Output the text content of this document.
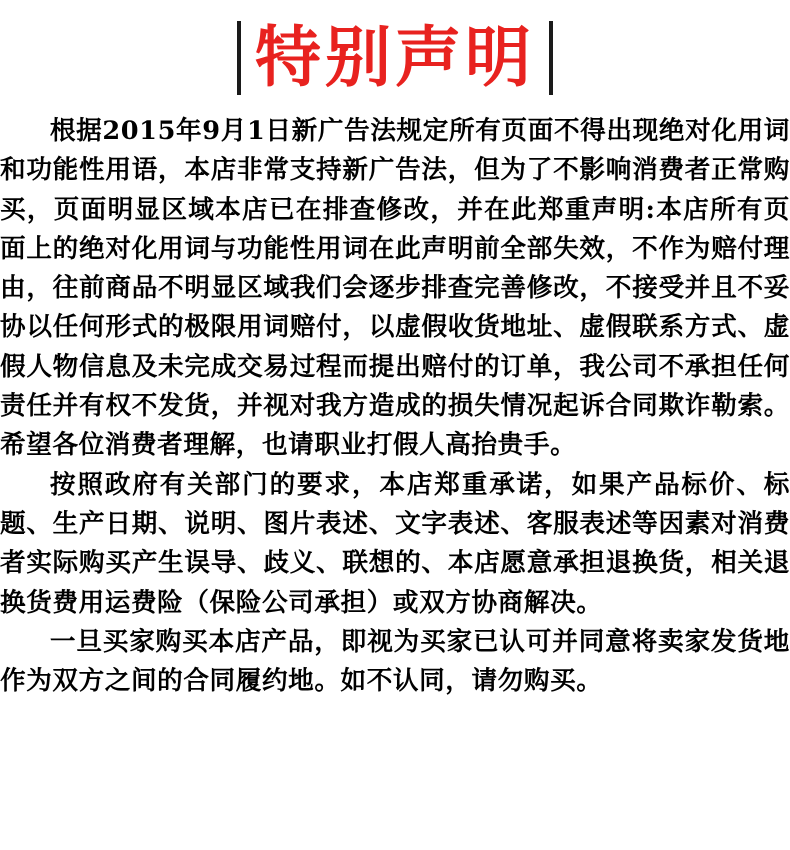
特别声明

根据2015年9月1日新广告法规定所有页面不得出现绝对化用词和功能性用语，本店非常支持新广告法，但为了不影响消费者正常购买，页面明显区域本店已在排查修改，并在此郑重声明:本店所有页面上的绝对化用词与功能性用词在此声明前全部失效，不作为赔付理由，往前商品不明显区域我们会逐步排查完善修改，不接受并且不妥协以任何形式的极限用词赔付，以虚假收货地址、虚假联系方式、虚假人物信息及未完成交易过程而提出赔付的订单，我公司不承担任何责任并有权不发货，并视对我方造成的损失情况起诉合同欺诈勒索。希望各位消费者理解，也请职业打假人高抬贵手。

按照政府有关部门的要求，本店郑重承诺，如果产品标价、标题、生产日期、说明、图片表述、文字表述、客服表述等因素对消费者实际购买产生误导、歧义、联想的、本店愿意承担退换货，相关退换货费用运费险（保险公司承担）或双方协商解决。

一旦买家购买本店产品，即视为买家已认可并同意将卖家发货地作为双方之间的合同履约地。如不认同，请勿购买。
